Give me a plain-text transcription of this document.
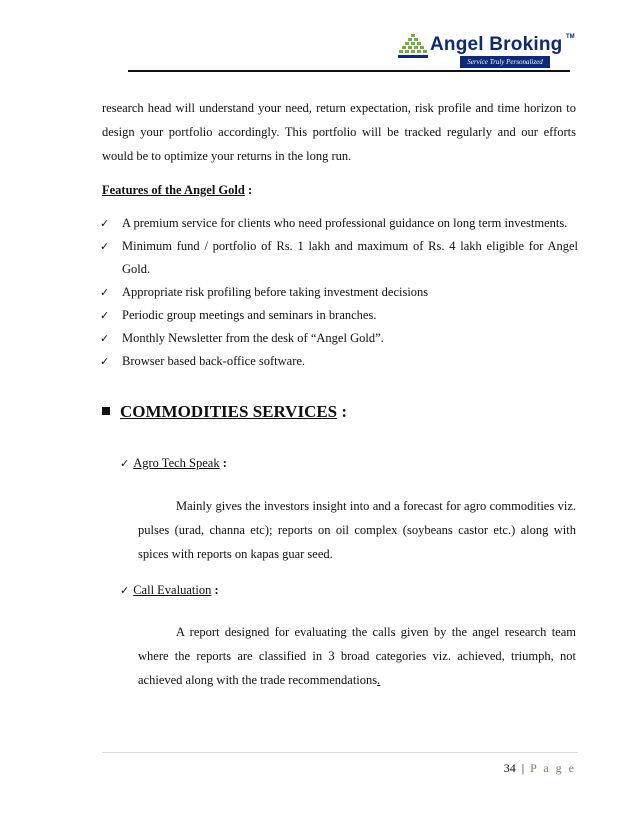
Angel Broking TM
Service Truly Personalized

research head will understand your need, return expectation, risk profile and time horizon to design your portfolio accordingly. This portfolio will be tracked regularly and our efforts would be to optimize your returns in the long run.

Features of the Angel Gold :
✓ A premium service for clients who need professional guidance on long term investments.
✓ Minimum fund / portfolio of Rs. 1 lakh and maximum of Rs. 4 lakh eligible for Angel Gold.
✓ Appropriate risk profiling before taking investment decisions
✓ Periodic group meetings and seminars in branches.
✓ Monthly Newsletter from the desk of “Angel Gold”.
✓ Browser based back-office software.
COMMODITIES SERVICES :
✓ Agro Tech Speak :

Mainly gives the investors insight into and a forecast for agro commodities viz. pulses (urad, channa etc); reports on oil complex (soybeans castor etc.) along with spices with reports on kapas guar seed.

✓ Call Evaluation :

A report designed for evaluating the calls given by the angel research team where the reports are classified in 3 broad categories viz. achieved, triumph, not achieved along with the trade recommendations.

34 | P a g e
